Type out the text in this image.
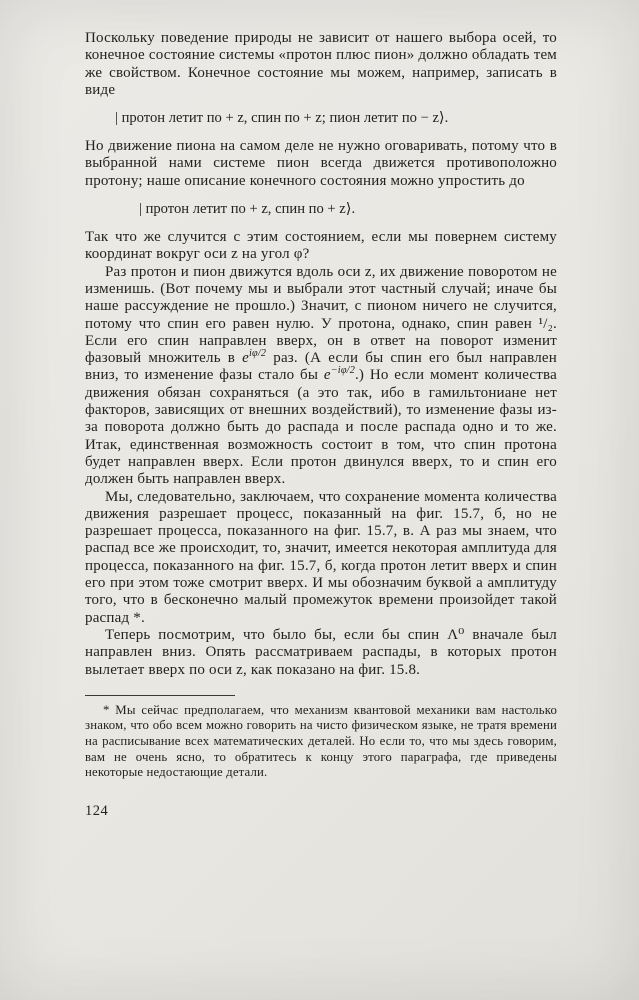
Поскольку поведение природы не зависит от нашего выбора осей, то конечное состояние системы «протон плюс пион» должно обладать тем же свойством. Конечное состояние мы можем, например, записать в виде

| протон летит по + z, спин по + z; пион летит по − z⟩.

Но движение пиона на самом деле не нужно оговаривать, потому что в выбранной нами системе пион всегда движется противоположно протону; наше описание конечного состояния можно упростить до

| протон летит по + z, спин по + z⟩.

Так что же случится с этим состоянием, если мы повернем систему координат вокруг оси z на угол φ?

Раз протон и пион движутся вдоль оси z, их движение поворотом не изменишь. (Вот почему мы и выбрали этот частный случай; иначе бы наше рассуждение не прошло.) Значит, с пионом ничего не случится, потому что спин его равен нулю. У протона, однако, спин равен ¹/₂. Если его спин направлен вверх, он в ответ на поворот изменит фазовый множитель в $e^{i\varphi/2}$ раз. (А если бы спин его был направлен вниз, то изменение фазы стало бы $e^{-i\varphi/2}$.) Но если момент количества движения обязан сохраняться (а это так, ибо в гамильтониане нет факторов, зависящих от внешних воздействий), то изменение фазы из-за поворота должно быть до распада и после распада одно и то же. Итак, единственная возможность состоит в том, что спин протона будет направлен вверх. Если протон двинулся вверх, то и спин его должен быть направлен вверх.

Мы, следовательно, заключаем, что сохранение момента количества движения разрешает процесс, показанный на фиг. 15.7, б, но не разрешает процесса, показанного на фиг. 15.7, в. А раз мы знаем, что распад все же происходит, то, значит, имеется некоторая амплитуда для процесса, показанного на фиг. 15.7, б, когда протон летит вверх и спин его при этом тоже смотрит вверх. И мы обозначим буквой a амплитуду того, что в бесконечно малый промежуток времени произойдет такой распад *.

Теперь посмотрим, что было бы, если бы спин Λ⁰ вначале был направлен вниз. Опять рассматриваем распады, в которых протон вылетает вверх по оси z, как показано на фиг. 15.8.

* Мы сейчас предполагаем, что механизм квантовой механики вам настолько знаком, что обо всем можно говорить на чисто физическом языке, не тратя времени на расписывание всех математических деталей. Но если то, что мы здесь говорим, вам не очень ясно, то обратитесь к концу этого параграфа, где приведены некоторые недостающие детали.

124
